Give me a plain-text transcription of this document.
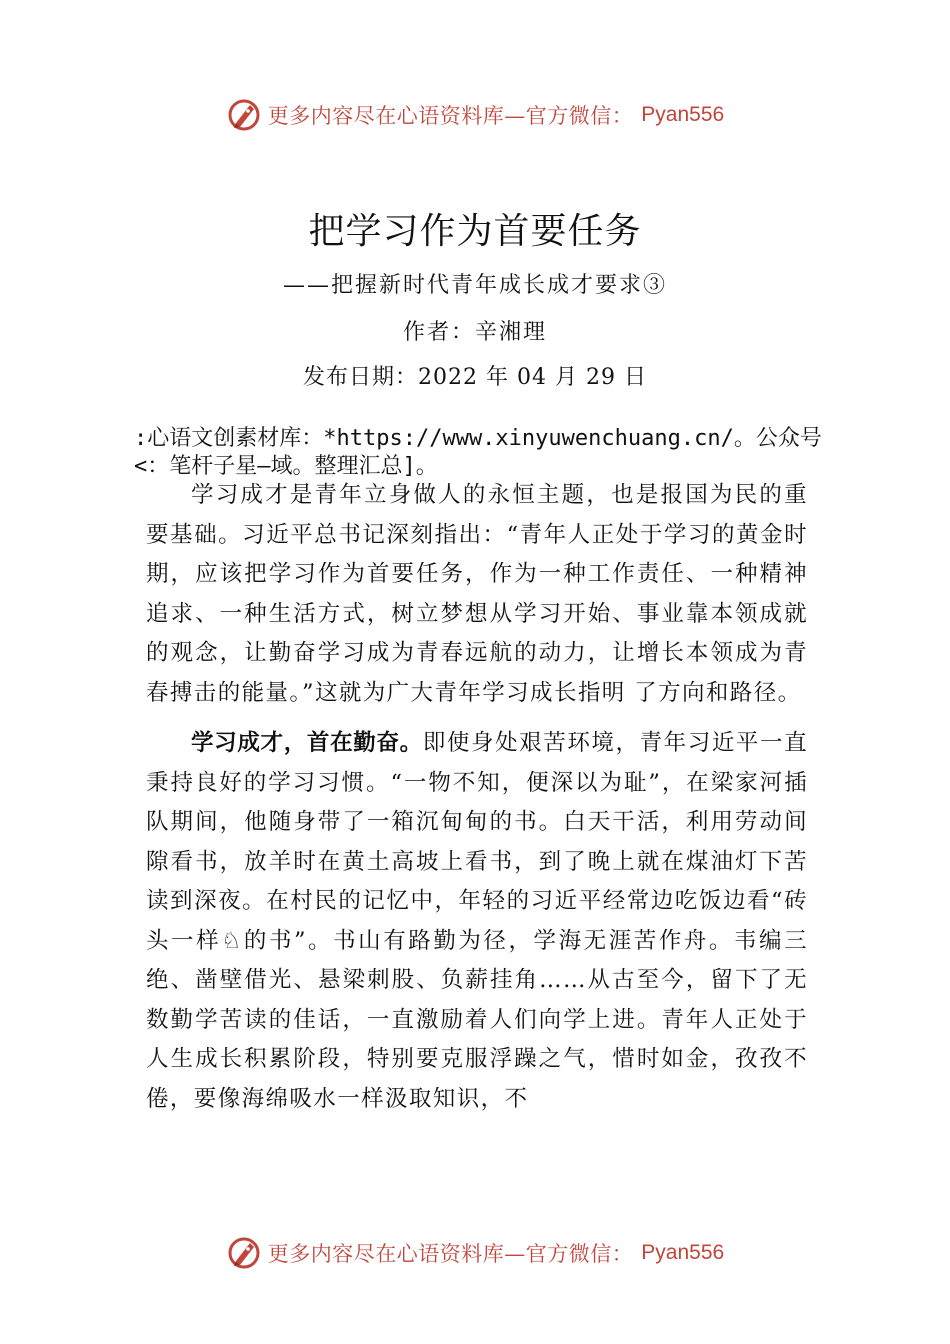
更多内容尽在心语资料库—官方微信： Pyan556
把学习作为首要任务
——把握新时代青年成长成才要求③
作者：辛湘理
发布日期：2022 年 04 月 29 日
:心语文创素材库：*https://www.xinyuwenchuang.cn/。公众号<：笔杆子星—域。整理汇总]。

学习成才是青年立身做人的永恒主题，也是报国为民的重要基础。习近平总书记深刻指出：“青年人正处于学习的黄金时期，应该把学习作为首要任务，作为一种工作责任、一种精神追求、一种生活方式，树立梦想从学习开始、事业靠本领成就的观念，让勤奋学习成为青春远航的动力，让增长本领成为青春搏击的能量。”这就为广大青年学习成长指明 了方向和路径。

学习成才，首在勤奋。即使身处艰苦环境，青年习近平一直秉持良好的学习习惯。“一物不知，便深以为耻”，在梁家河插队期间，他随身带了一箱沉甸甸的书。白天干活，利用劳动间隙看书，放羊时在黄土高坡上看书，到了晚上就在煤油灯下苦读到深夜。在村民的记忆中，年轻的习近平经常边吃饭边看“砖头一样♘的书”。书山有路勤为径，学海无涯苦作舟。韦编三绝、凿壁借光、悬梁刺股、负薪挂角……从古至今，留下了无数勤学苦读的佳话，一直激励着人们向学上进。青年人正处于人生成长积累阶段，特别要克服浮躁之气，惜时如金，孜孜不倦，要像海绵吸水一样汲取知识，不

更多内容尽在心语资料库—官方微信： Pyan556
